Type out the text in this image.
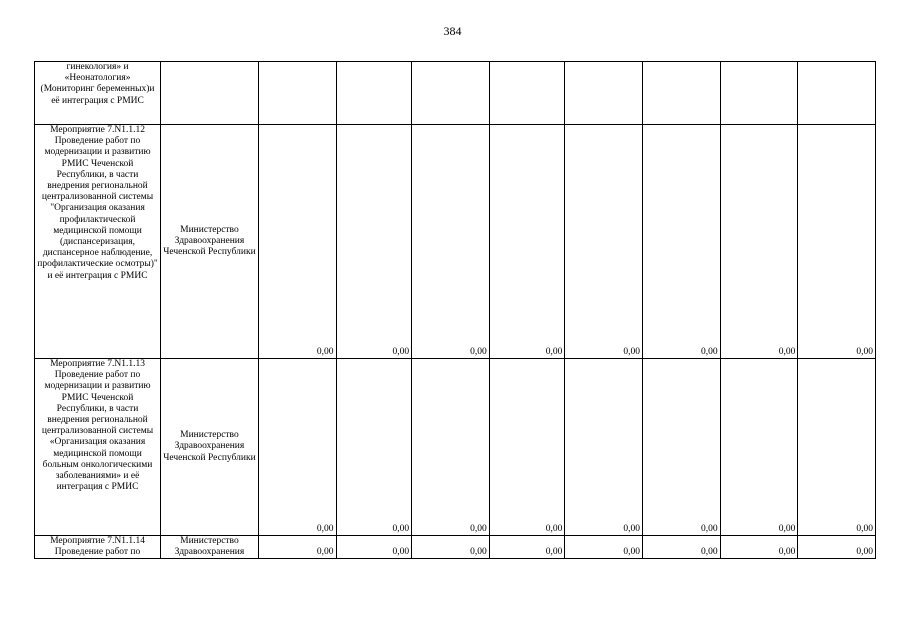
384
гинекология» и «Неонатология» (Мониторинг беременных)и её интеграция с РМИС									
Мероприятие 7.N1.1.12 Проведение работ по модернизации и развитию РМИС Чеченской Республики, в части внедрения региональной централизованной системы "Организация оказания профилактической медицинской помощи (диспансеризация, диспансерное наблюдение, профилактические осмотры)" и её интеграция с РМИС	Министерство Здравоохранения Чеченской Республики	0,00	0,00	0,00	0,00	0,00	0,00	0,00	0,00
Мероприятие 7.N1.1.13 Проведение работ по модернизации и развитию РМИС Чеченской Республики, в части внедрения региональной централизованной системы «Организация оказания медицинской помощи больным онкологическими заболеваниями» и её интеграция с РМИС	Министерство Здравоохранения Чеченской Республики	0,00	0,00	0,00	0,00	0,00	0,00	0,00	0,00
Мероприятие 7.N1.1.14 Проведение работ по	Министерство Здравоохранения	0,00	0,00	0,00	0,00	0,00	0,00	0,00	0,00
